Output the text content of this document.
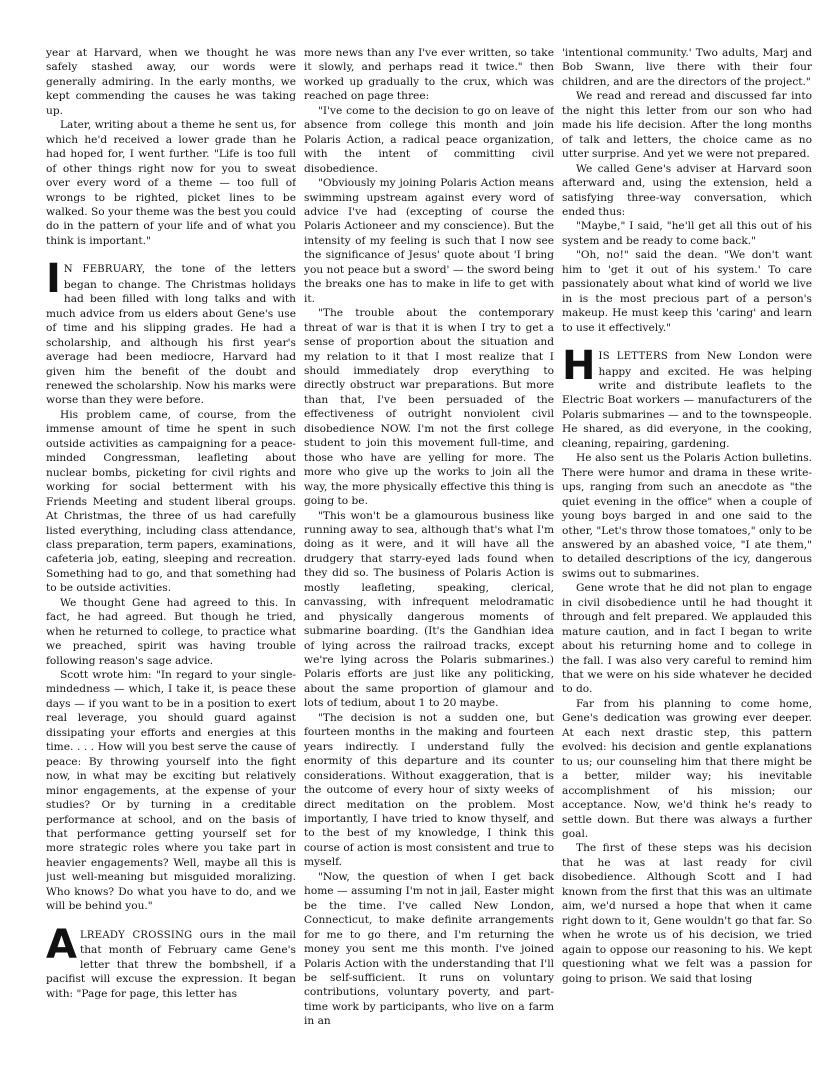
year at Harvard, when we thought he was safely stashed away, our words were generally admiring. In the early months, we kept commending the causes he was taking up.

Later, writing about a theme he sent us, for which he'd received a lower grade than he had hoped for, I went further. "Life is too full of other things right now for you to sweat over every word of a theme — too full of wrongs to be righted, picket lines to be walked. So your theme was the best you could do in the pattern of your life and of what you think is important."

I N FEBRUARY, the tone of the letters began to change. The Christmas holidays had been filled with long talks and with much advice from us elders about Gene's use of time and his slipping grades. He had a scholarship, and although his first year's average had been mediocre, Harvard had given him the benefit of the doubt and renewed the scholarship. Now his marks were worse than they were before.

His problem came, of course, from the immense amount of time he spent in such outside activities as campaigning for a peace-minded Congressman, leafleting about nuclear bombs, picketing for civil rights and working for social betterment with his Friends Meeting and student liberal groups. At Christmas, the three of us had carefully listed everything, including class attendance, class preparation, term papers, examinations, cafeteria job, eating, sleeping and recreation. Something had to go, and that something had to be outside activities.

We thought Gene had agreed to this. In fact, he had agreed. But though he tried, when he returned to college, to practice what we preached, spirit was having trouble following reason's sage advice.

Scott wrote him: "In regard to your single-mindedness — which, I take it, is peace these days — if you want to be in a position to exert real leverage, you should guard against dissipating your efforts and energies at this time. . . . How will you best serve the cause of peace: By throwing yourself into the fight now, in what may be exciting but relatively minor engagements, at the expense of your studies? Or by turning in a creditable performance at school, and on the basis of that performance getting yourself set for more strategic roles where you take part in heavier engagements? Well, maybe all this is just well-meaning but misguided moralizing. Who knows? Do what you have to do, and we will be behind you."

ALREADY CROSSING ours in the mail that month of February came Gene's letter that threw the bombshell, if a pacifist will excuse the expression. It began with: "Page for page, this letter has

more news than any I've ever written, so take it slowly, and perhaps read it twice." then worked up gradually to the crux, which was reached on page three:

"I've come to the decision to go on leave of absence from college this month and join Polaris Action, a radical peace organization, with the intent of committing civil disobedience.

"Obviously my joining Polaris Action means swimming upstream against every word of advice I've had (excepting of course the Polaris Actioneer and my conscience). But the intensity of my feeling is such that I now see the significance of Jesus' quote about 'I bring you not peace but a sword' — the sword being the breaks one has to make in life to get with it.

"The trouble about the contemporary threat of war is that it is when I try to get a sense of proportion about the situation and my relation to it that I most realize that I should immediately drop everything to directly obstruct war preparations. But more than that, I've been persuaded of the effectiveness of outright nonviolent civil disobedience NOW. I'm not the first college student to join this movement full-time, and those who have are yelling for more. The more who give up the works to join all the way, the more physically effective this thing is going to be.

"This won't be a glamourous business like running away to sea, although that's what I'm doing as it were, and it will have all the drudgery that starry-eyed lads found when they did so. The business of Polaris Action is mostly leafleting, speaking, clerical, canvassing, with infrequent melodramatic and physically dangerous moments of submarine boarding. (It's the Gandhian idea of lying across the railroad tracks, except we're lying across the Polaris submarines.) Polaris efforts are just like any politicking, about the same proportion of glamour and lots of tedium, about 1 to 20 maybe.

"The decision is not a sudden one, but fourteen months in the making and fourteen years indirectly. I understand fully the enormity of this departure and its counter considerations. Without exaggeration, that is the outcome of every hour of sixty weeks of direct meditation on the problem. Most importantly, I have tried to know thyself, and to the best of my knowledge, I think this course of action is most consistent and true to myself.

"Now, the question of when I get back home — assuming I'm not in jail, Easter might be the time. I've called New London, Connecticut, to make definite arrangements for me to go there, and I'm returning the money you sent me this month. I've joined Polaris Action with the understanding that I'll be self-sufficient. It runs on voluntary contributions, voluntary poverty, and part-time work by participants, who live on a farm in an

'intentional community.' Two adults, Marj and Bob Swann, live there with their four children, and are the directors of the project."

We read and reread and discussed far into the night this letter from our son who had made his life decision. After the long months of talk and letters, the choice came as no utter surprise. And yet we were not prepared.

We called Gene's adviser at Harvard soon afterward and, using the extension, held a satisfying three-way conversation, which ended thus:

"Maybe," I said, "he'll get all this out of his system and be ready to come back."

"Oh, no!" said the dean. "We don't want him to 'get it out of his system.' To care passionately about what kind of world we live in is the most precious part of a person's makeup. He must keep this 'caring' and learn to use it effectively."

HIS LETTERS from New London were happy and excited. He was helping write and distribute leaflets to the Electric Boat workers — manufacturers of the Polaris submarines — and to the townspeople. He shared, as did everyone, in the cooking, cleaning, repairing, gardening.

He also sent us the Polaris Action bulletins. There were humor and drama in these write-ups, ranging from such an anecdote as "the quiet evening in the office" when a couple of young boys barged in and one said to the other, "Let's throw those tomatoes," only to be answered by an abashed voice, "I ate them," to detailed descriptions of the icy, dangerous swims out to submarines.

Gene wrote that he did not plan to engage in civil disobedience until he had thought it through and felt prepared. We applauded this mature caution, and in fact I began to write about his returning home and to college in the fall. I was also very careful to remind him that we were on his side whatever he decided to do.

Far from his planning to come home, Gene's dedication was growing ever deeper. At each next drastic step, this pattern evolved: his decision and gentle explanations to us; our counseling him that there might be a better, milder way; his inevitable accomplishment of his mission; our acceptance. Now, we'd think he's ready to settle down. But there was always a further goal.

The first of these steps was his decision that he was at last ready for civil disobedience. Although Scott and I had known from the first that this was an ultimate aim, we'd nursed a hope that when it came right down to it, Gene wouldn't go that far. So when he wrote us of his decision, we tried again to oppose our reasoning to his. We kept questioning what we felt was a passion for going to prison. We said that losing
